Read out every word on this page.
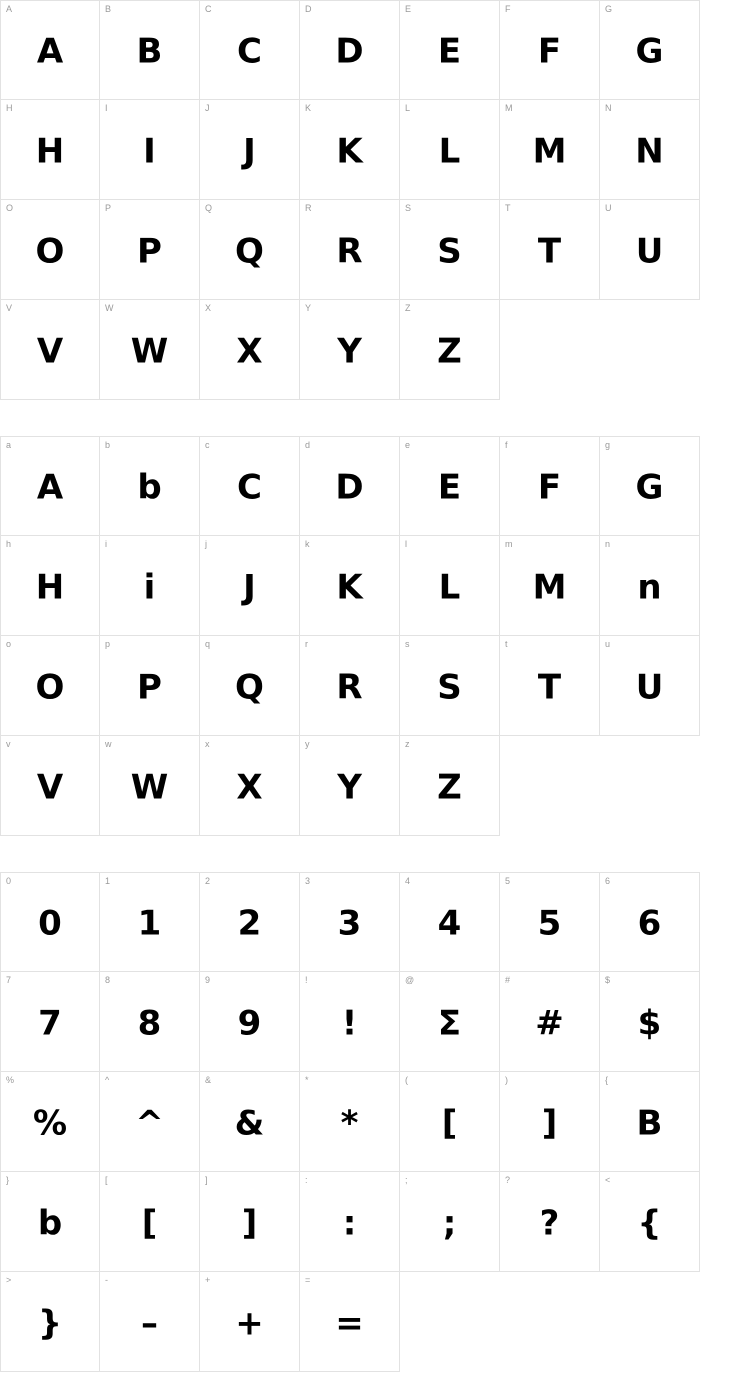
A
A
B
B
C
C
D
D
E
E
F
F
G
G
H
H
I
I
J
J
K
K
L
L
M
M
N
N
O
O
P
P
Q
Q
R
R
S
S
T
T
U
U
V
V
W
W
X
X
Y
Y
Z
Z
a
A
b
b
c
C
d
D
e
E
f
F
g
G
h
H
i
i
j
J
k
K
l
L
m
M
n
n
o
O
p
P
q
Q
r
R
s
S
t
T
u
U
v
V
w
W
x
X
y
Y
z
Z
0
0
1
1
2
2
3
3
4
4
5
5
6
6
7
7
8
8
9
9
!
!
@
Σ
#
#
$
$
%
%
^
^
&
&
*
*
(
[
)
]
{
B
}
b
[
[
]
]
:
:
;
;
?
?
<
{
>
}
-
–
+
+
=
=
